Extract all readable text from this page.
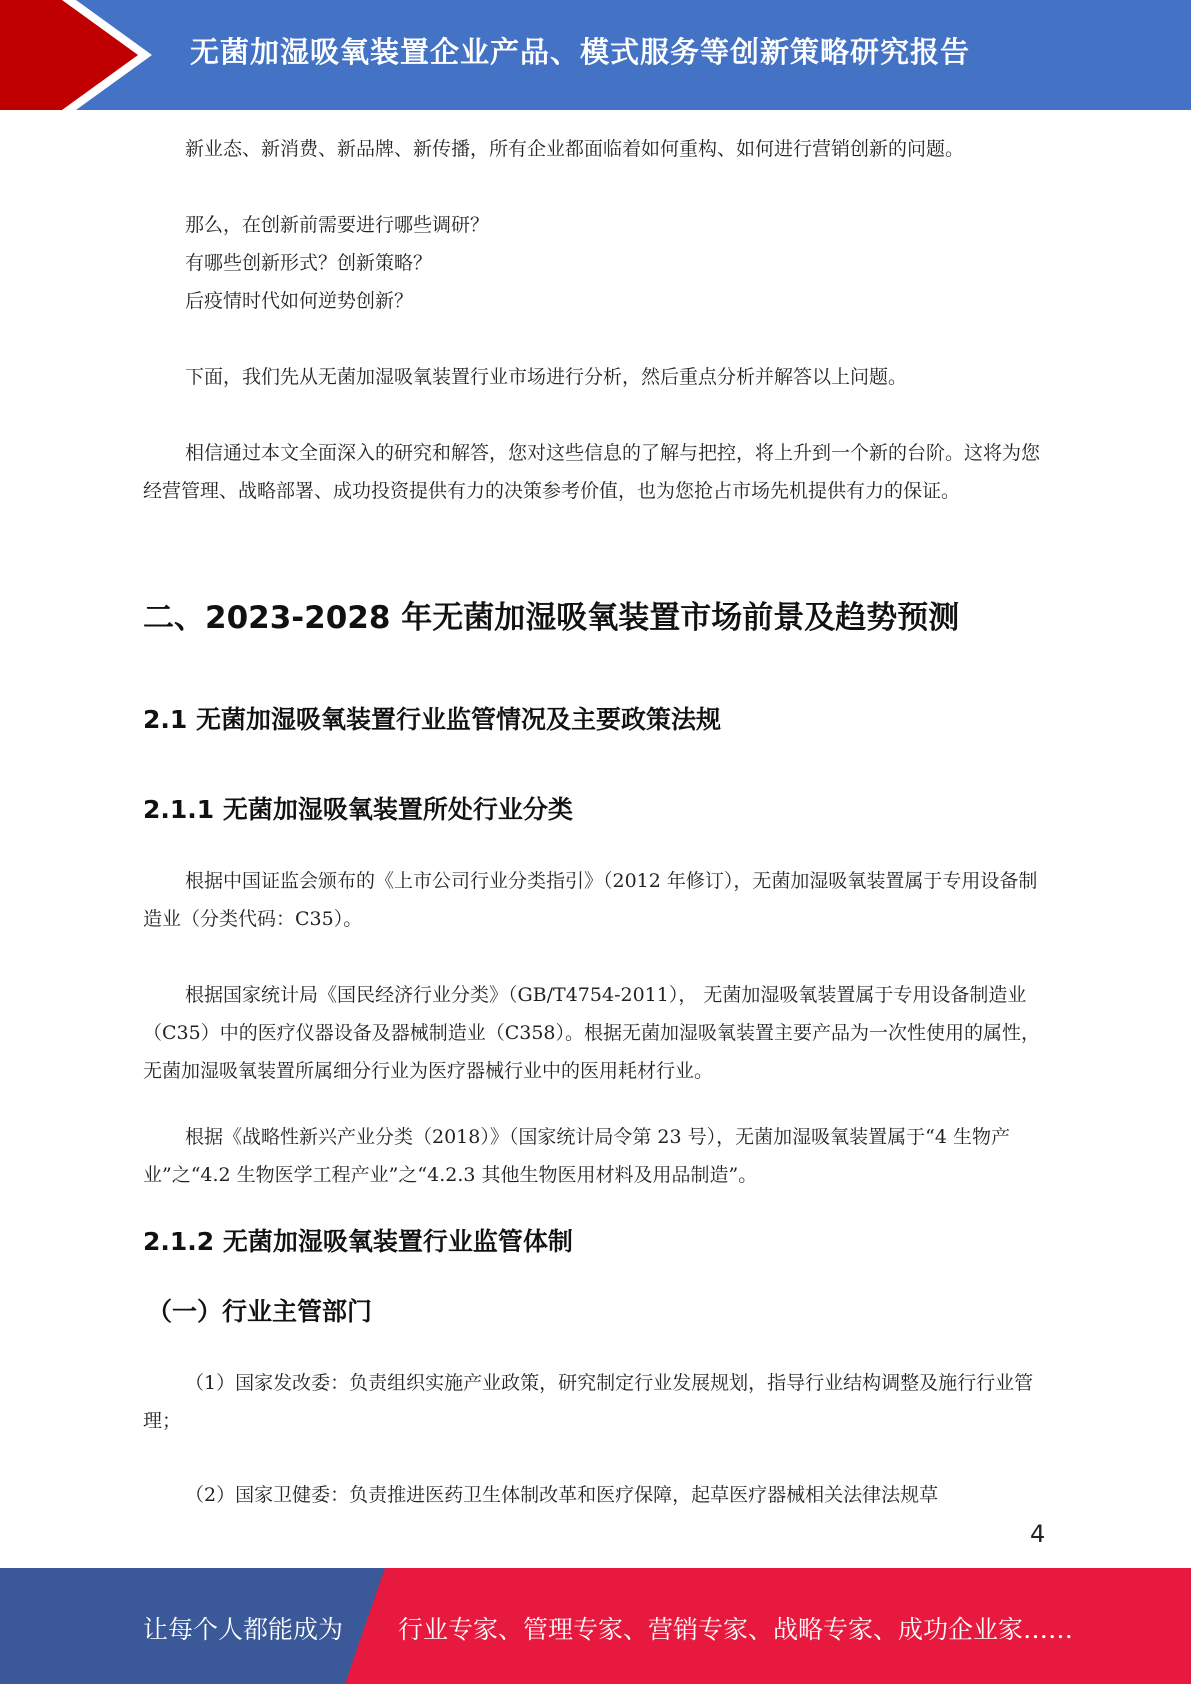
无菌加湿吸氧装置企业产品、模式服务等创新策略研究报告

新业态、新消费、新品牌、新传播，所有企业都面临着如何重构、如何进行营销创新的问题。

那么，在创新前需要进行哪些调研？

有哪些创新形式？创新策略？

后疫情时代如何逆势创新？

下面，我们先从无菌加湿吸氧装置行业市场进行分析，然后重点分析并解答以上问题。

相信通过本文全面深入的研究和解答，您对这些信息的了解与把控，将上升到一个新的台阶。这将为您经营管理、战略部署、成功投资提供有力的决策参考价值，也为您抢占市场先机提供有力的保证。

二、2023-2028 年无菌加湿吸氧装置市场前景及趋势预测
2.1 无菌加湿吸氧装置行业监管情况及主要政策法规
2.1.1 无菌加湿吸氧装置所处行业分类

根据中国证监会颁布的《上市公司行业分类指引》（2012 年修订），无菌加湿吸氧装置属于专用设备制造业（分类代码：C35）。

根据国家统计局《国民经济行业分类》（GB/T4754-2011）， 无菌加湿吸氧装置属于专用设备制造业（C35）中的医疗仪器设备及器械制造业（C358）。根据无菌加湿吸氧装置主要产品为一次性使用的属性，无菌加湿吸氧装置所属细分行业为医疗器械行业中的医用耗材行业。

根据《战略性新兴产业分类（2018）》（国家统计局令第 23 号），无菌加湿吸氧装置属于“4 生物产业”之“4.2 生物医学工程产业”之“4.2.3 其他生物医用材料及用品制造”。

2.1.2 无菌加湿吸氧装置行业监管体制
（一）行业主管部门

（1）国家发改委：负责组织实施产业政策，研究制定行业发展规划，指导行业结构调整及施行行业管理；

（2）国家卫健委：负责推进医药卫生体制改革和医疗保障，起草医疗器械相关法律法规草

4
让每个人都能成为 行业专家、管理专家、营销专家、战略专家、成功企业家……
